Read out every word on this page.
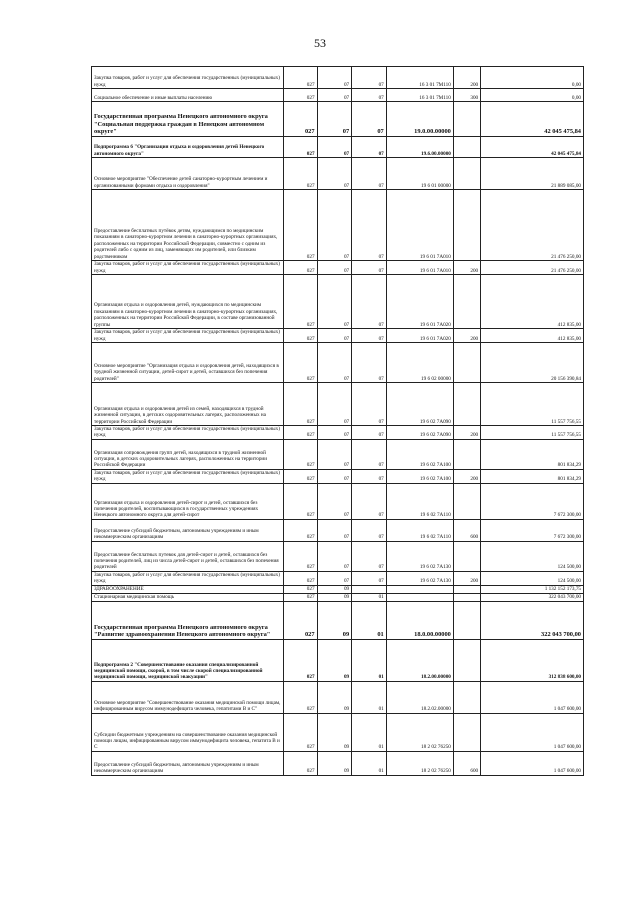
53
Закупка товаров, работ и услуг для обеспечения государственных (муниципальных) нужд	027	07	07	16 3 01 7М110	200	0,00
Социальное обеспечение и иные выплаты населению	027	07	07	16 3 01 7М110	300	0,00
Государственная программа Ненецкого автономного округа "Социальная поддержка граждан в Ненецком автономном округе"	027	07	07	19.0.00.00000		42 045 475,84
Подпрограмма 6 "Организация отдыха и оздоровления детей Ненецкого автономного округа"	027	07	07	19.6.00.00000		42 045 475,84
Основное мероприятие "Обеспечение детей санаторно-курортным лечением и организованными формами отдыха и оздоровления"	027	07	07	19 6 01 00000		21 889 085,00
Предоставление бесплатных путёвок детям, нуждающимся по медицинским показаниям в санаторно-курортном лечении в санаторно-курортных организациях, расположенных на территории Российской Федерации, совместно с одним из родителей либо с одним из лиц, заменяющих им родителей, или близким родственником	027	07	07	19 6 01 7А010		21 476 250,00
Закупка товаров, работ и услуг для обеспечения государственных (муниципальных) нужд	027	07	07	19 6 01 7А010	200	21 476 250,00
Организация отдыха и оздоровления детей, нуждающихся по медицинским показаниям в санаторно-курортном лечении в санаторно-курортных организациях, расположенных на территории Российской Федерации, в составе организованной группы	027	07	07	19 6 01 7А020		412 835,00
Закупка товаров, работ и услуг для обеспечения государственных (муниципальных) нужд	027	07	07	19 6 01 7А020	200	412 835,00
Основное мероприятие "Организация отдыха и оздоровления детей, находящихся в трудной жизненной ситуации, детей-сирот и детей, оставшихся без попечения родителей"	027	07	07	19 6 02 00000		20 156 390,84
Организация отдыха и оздоровления детей из семей, находящихся в трудной жизненной ситуации, в детских оздоровительных лагерях, расположенных на территории Российской Федерации	027	07	07	19 6 02 7А090		11 557 756,55
Закупка товаров, работ и услуг для обеспечения государственных (муниципальных) нужд	027	07	07	19 6 02 7А090	200	11 557 756,55
Организация сопровождения групп детей, находящихся в трудной жизненной ситуации, в детских оздоровительных лагерях, расположенных на территории Российской Федерации	027	07	07	19 6 02 7А100		801 834,29
Закупка товаров, работ и услуг для обеспечения государственных (муниципальных) нужд	027	07	07	19 6 02 7А100	200	801 834,29
Организация отдыха и оздоровления детей-сирот и детей, оставшихся без попечения родителей, воспитывающихся в государственных учреждениях Ненецкого автономного округа для детей-сирот	027	07	07	19 6 02 7А110		7 672 300,00
Предоставление субсидий бюджетным, автономным учреждениям и иным некоммерческим организациям	027	07	07	19 6 02 7А110	600	7 672 300,00
Предоставление бесплатных путевок для детей-сирот и детей, оставшихся без попечения родителей, лиц из числа детей-сирот и детей, оставшихся без попечения родителей	027	07	07	19 6 02 7А130		124 500,00
Закупка товаров, работ и услуг для обеспечения государственных (муниципальных) нужд	027	07	07	19 6 02 7А130	200	124 500,00
ЗДРАВООХРАНЕНИЕ	027	09				1 132 152 173,75
Стационарная медицинская помощь	027	09	01			322 043 700,00
Государственная программа Ненецкого автономного округа "Развитие здравоохранения Ненецкого автономного округа"	027	09	01	18.0.00.00000		322 043 700,00
Подпрограмма 2 "Совершенствование оказания специализированной медицинской помощи, скорой, в том числе скорой специализированной медицинской помощи, медицинской эвакуации"	027	09	01	18.2.00.00000		312 838 600,00
Основное мероприятие "Совершенствование оказания медицинской помощи лицам, инфицированным вирусом иммунодефицита человека, гепатитами B и C"	027	09	01	18.2.02.00000		1 047 600,00
Субсидии бюджетным учреждениям на совершенствование оказания медицинской помощи лицам, инфицированным вирусом иммунодефицита человека, гепатита B и C	027	09	01	18 2 02 76250		1 047 600,00
Предоставление субсидий бюджетным, автономным учреждениям и иным некоммерческим организациям	027	09	01	18 2 02 76250	600	1 047 600,00
